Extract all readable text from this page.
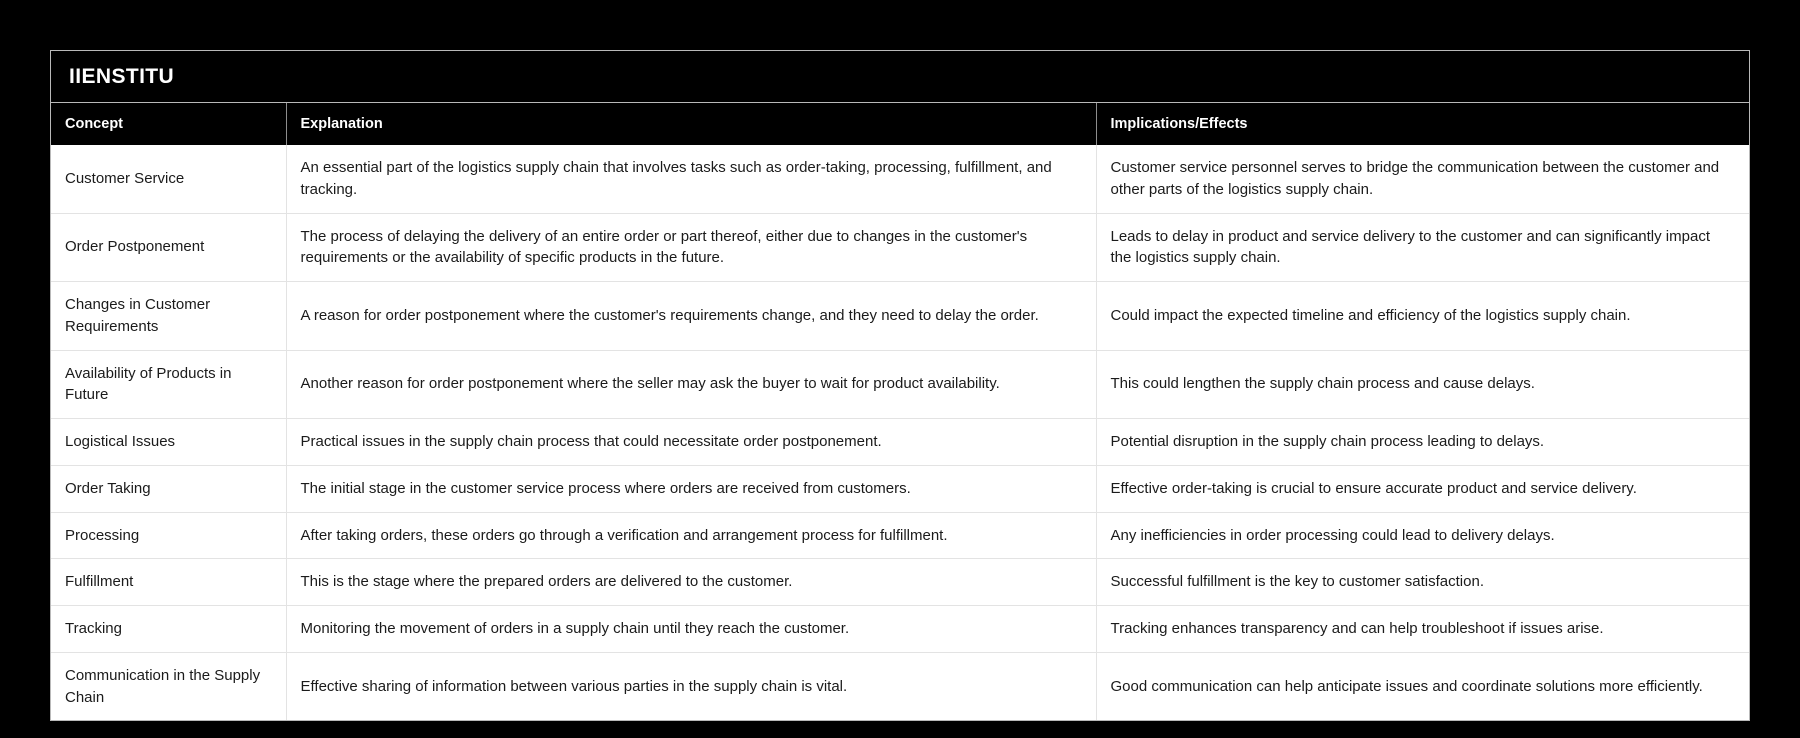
IIENSTITU
Concept	Explanation	Implications/Effects
Customer Service	An essential part of the logistics supply chain that involves tasks such as order-taking, processing, fulfillment, and tracking.	Customer service personnel serves to bridge the communication between the customer and other parts of the logistics supply chain.
Order Postponement	The process of delaying the delivery of an entire order or part thereof, either due to changes in the customer's requirements or the availability of specific products in the future.	Leads to delay in product and service delivery to the customer and can significantly impact the logistics supply chain.
Changes in Customer Requirements	A reason for order postponement where the customer's requirements change, and they need to delay the order.	Could impact the expected timeline and efficiency of the logistics supply chain.
Availability of Products in Future	Another reason for order postponement where the seller may ask the buyer to wait for product availability.	This could lengthen the supply chain process and cause delays.
Logistical Issues	Practical issues in the supply chain process that could necessitate order postponement.	Potential disruption in the supply chain process leading to delays.
Order Taking	The initial stage in the customer service process where orders are received from customers.	Effective order-taking is crucial to ensure accurate product and service delivery.
Processing	After taking orders, these orders go through a verification and arrangement process for fulfillment.	Any inefficiencies in order processing could lead to delivery delays.
Fulfillment	This is the stage where the prepared orders are delivered to the customer.	Successful fulfillment is the key to customer satisfaction.
Tracking	Monitoring the movement of orders in a supply chain until they reach the customer.	Tracking enhances transparency and can help troubleshoot if issues arise.
Communication in the Supply Chain	Effective sharing of information between various parties in the supply chain is vital.	Good communication can help anticipate issues and coordinate solutions more efficiently.
